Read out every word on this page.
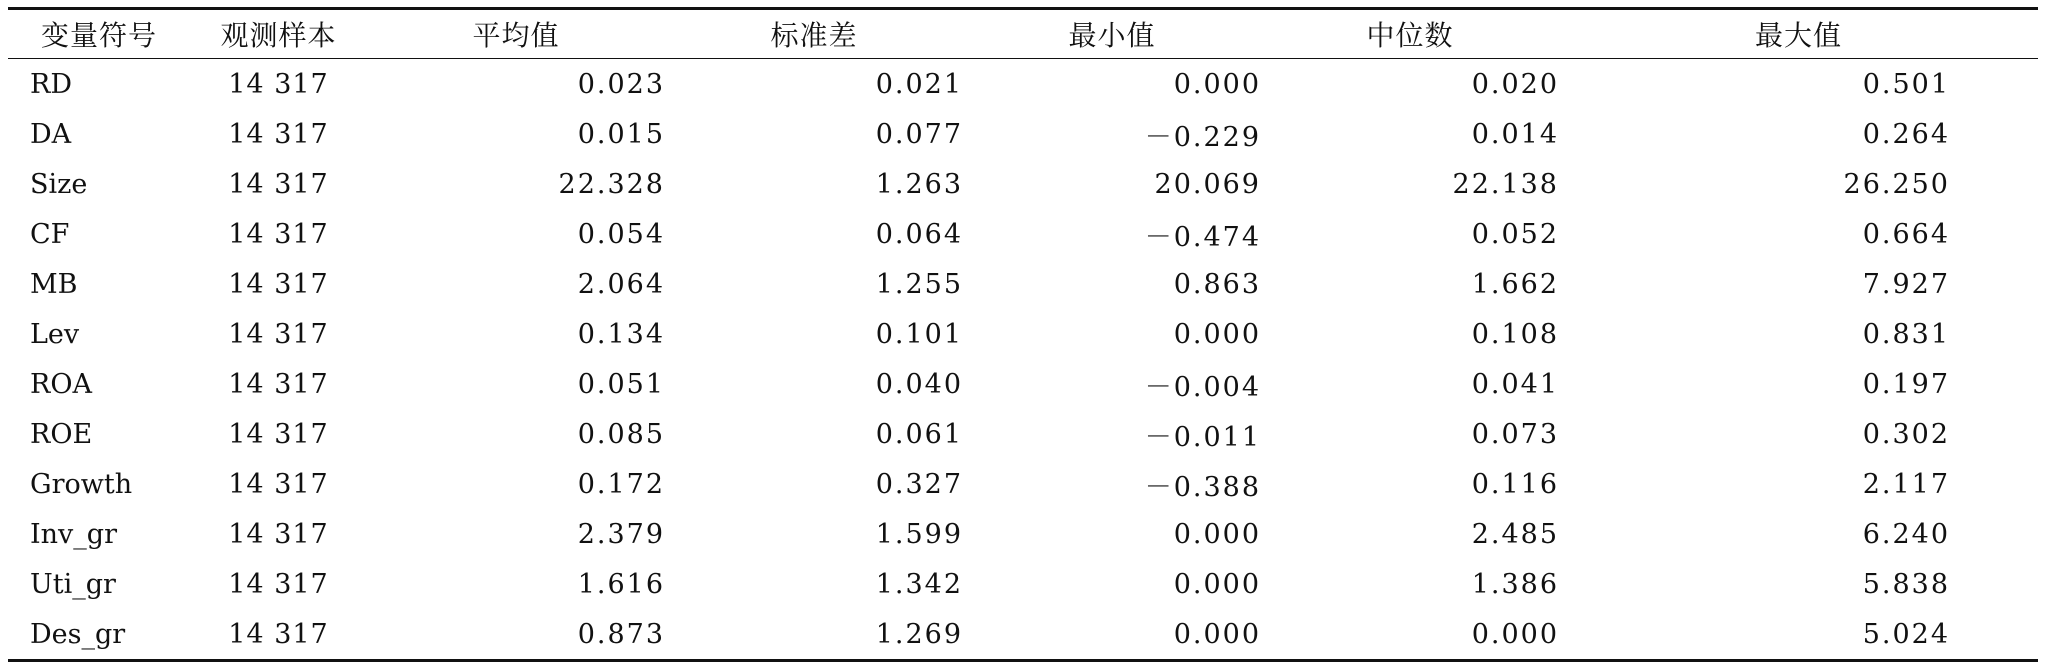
变量符号	观测样本	平均值	标准差	最小值	中位数	最大值
RD	14 317	0.023	0.021	0.000	0.020	0.501
DA	14 317	0.015	0.077	－0.229	0.014	0.264
Size	14 317	22.328	1.263	20.069	22.138	26.250
CF	14 317	0.054	0.064	－0.474	0.052	0.664
MB	14 317	2.064	1.255	0.863	1.662	7.927
Lev	14 317	0.134	0.101	0.000	0.108	0.831
ROA	14 317	0.051	0.040	－0.004	0.041	0.197
ROE	14 317	0.085	0.061	－0.011	0.073	0.302
Growth	14 317	0.172	0.327	－0.388	0.116	2.117
Inv_gr	14 317	2.379	1.599	0.000	2.485	6.240
Uti_gr	14 317	1.616	1.342	0.000	1.386	5.838
Des_gr	14 317	0.873	1.269	0.000	0.000	5.024
